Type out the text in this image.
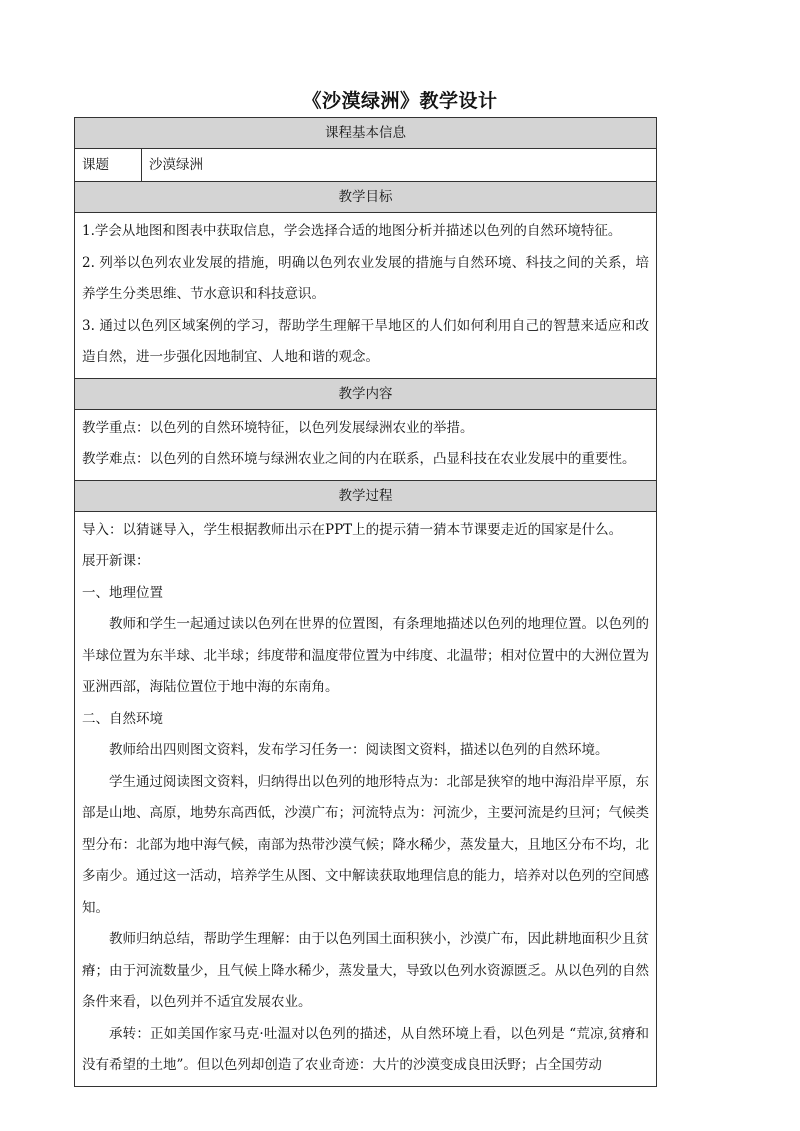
《沙漠绿洲》教学设计
课程基本信息
课题	沙漠绿洲
教学目标

1.学会从地图和图表中获取信息，学会选择合适的地图分析并描述以色列的自然环境特征。

2. 列举以色列农业发展的措施，明确以色列农业发展的措施与自然环境、科技之间的关系，培养学生分类思维、节水意识和科技意识。

3. 通过以色列区域案例的学习，帮助学生理解干旱地区的人们如何利用自己的智慧来适应和改造自然，进一步强化因地制宜、人地和谐的观念。

教学内容

教学重点：以色列的自然环境特征，以色列发展绿洲农业的举措。

教学难点：以色列的自然环境与绿洲农业之间的内在联系，凸显科技在农业发展中的重要性。

教学过程

导入：以猜谜导入，学生根据教师出示在PPT上的提示猜一猜本节课要走近的国家是什么。

展开新课：

一、地理位置

教师和学生一起通过读以色列在世界的位置图，有条理地描述以色列的地理位置。以色列的半球位置为东半球、北半球；纬度带和温度带位置为中纬度、北温带；相对位置中的大洲位置为亚洲西部，海陆位置位于地中海的东南角。

二、自然环境

教师给出四则图文资料，发布学习任务一：阅读图文资料，描述以色列的自然环境。

学生通过阅读图文资料，归纳得出以色列的地形特点为：北部是狭窄的地中海沿岸平原，东部是山地、高原，地势东高西低，沙漠广布；河流特点为：河流少，主要河流是约旦河；气候类型分布：北部为地中海气候，南部为热带沙漠气候；降水稀少，蒸发量大，且地区分布不均，北多南少。通过这一活动，培养学生从图、文中解读获取地理信息的能力，培养对以色列的空间感知。

教师归纳总结，帮助学生理解：由于以色列国土面积狭小，沙漠广布，因此耕地面积少且贫瘠；由于河流数量少，且气候上降水稀少，蒸发量大，导致以色列水资源匮乏。从以色列的自然条件来看，以色列并不适宜发展农业。

承转：正如美国作家马克·吐温对以色列的描述，从自然环境上看，以色列是 “荒凉,贫瘠和没有希望的土地”。但以色列却创造了农业奇迹：大片的沙漠变成良田沃野；占全国劳动
